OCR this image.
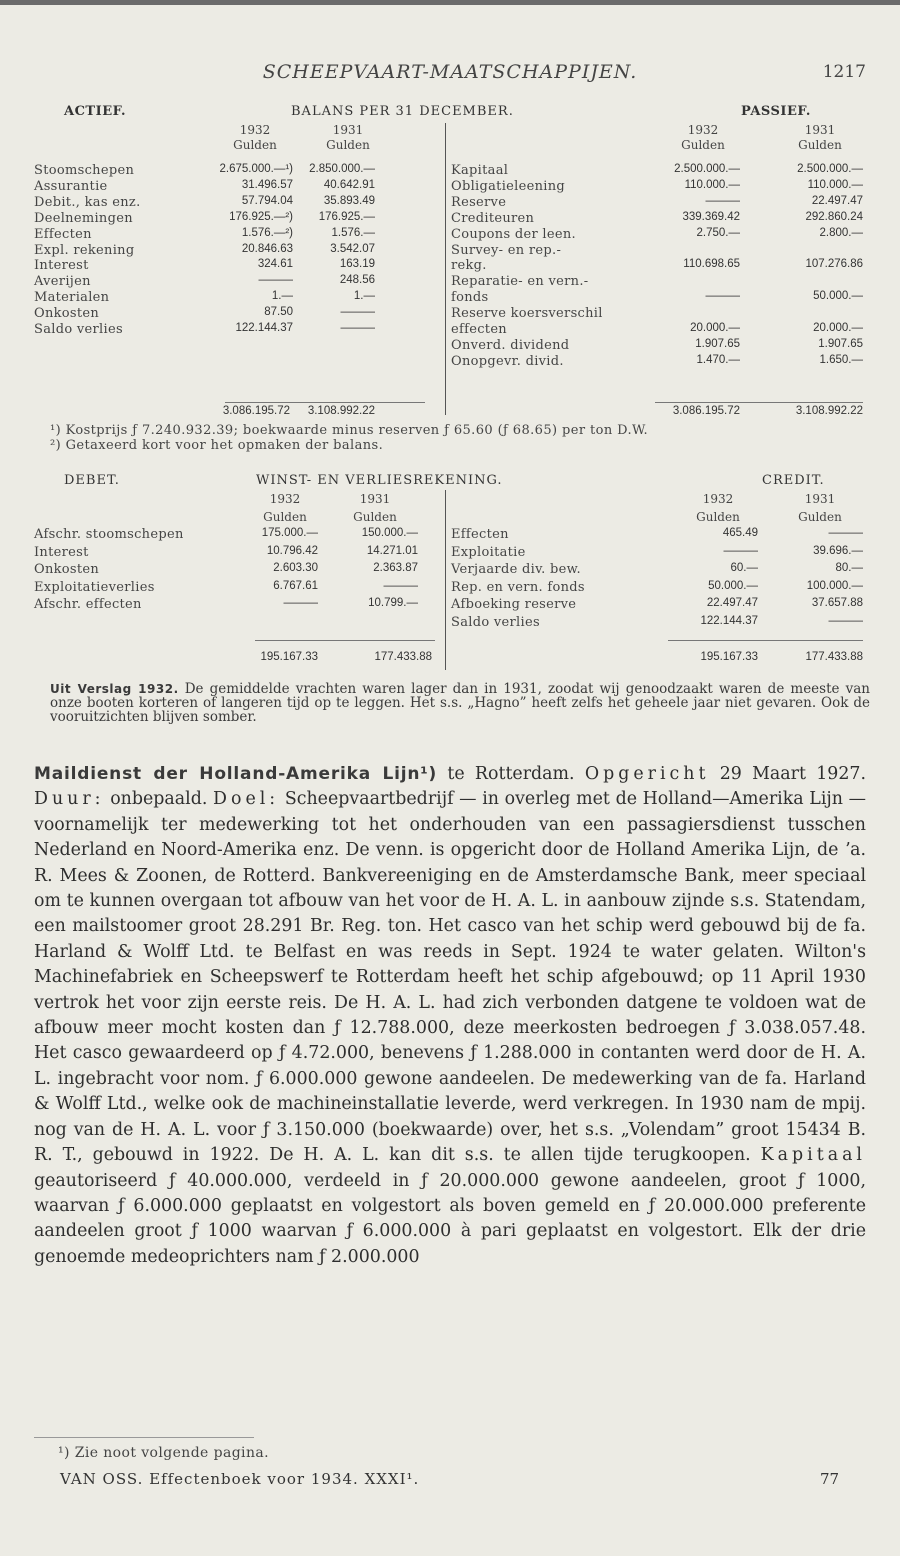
SCHEEPVAART-MAATSCHAPPIJEN.	1217
ACTIEF.	BALANS PER 31 DECEMBER.	PASSIEF.
1932	1931
Gulden	Gulden
1932	1931
Gulden	Gulden
Stoomschepen	2.675.000.—¹)	2.850.000.—
Assurantie	31.496.57	40.642.91
Debit., kas enz.	57.794.04	35.893.49
Deelnemingen	176.925.—²)	176.925.—
Effecten	1.576.—²)	1.576.—
Expl. rekening	20.846.63	3.542.07
Interest	324.61	163.19
Averijen	———	248.56
Materialen	1.—	1.—
Onkosten	87.50	———
Saldo verlies	122.144.37	———
Kapitaal	2.500.000.—	2.500.000.—
Obligatieleening	110.000.—	110.000.—
Reserve	———	22.497.47
Crediteuren	339.369.42	292.860.24
Coupons der leen.	2.750.—	2.800.—
Survey- en rep.-
rekg.	110.698.65	107.276.86
Reparatie- en vern.-
fonds	———	50.000.—
Reserve koersverschil
effecten	20.000.—	20.000.—
Onverd. dividend	1.907.65	1.907.65
Onopgevr. divid.	1.470.—	1.650.—
3.086.195.72	3.108.992.22	3.086.195.72	3.108.992.22
¹) Kostprijs ƒ 7.240.932.39; boekwaarde minus reserven ƒ 65.60 (ƒ 68.65) per ton D.W.
²) Getaxeerd kort voor het opmaken der balans.
DEBET.	WINST- EN VERLIESREKENING.	CREDIT.
1932	1931
Gulden	Gulden
1932	1931
Gulden	Gulden
Afschr. stoomschepen	175.000.—	150.000.—
Interest	10.796.42	14.271.01
Onkosten	2.603.30	2.363.87
Exploitatieverlies	6.767.61	———
Afschr. effecten	———	10.799.—
Effecten	465.49	———
Exploitatie	———	39.696.—
Verjaarde div. bew.	60.—	80.—
Rep. en vern. fonds	50.000.—	100.000.—
Afboeking reserve	22.497.47	37.657.88
Saldo verlies	122.144.37	———
195.167.33	177.433.88	195.167.33	177.433.88
Uit Verslag 1932. De gemiddelde vrachten waren lager dan in 1931, zoodat wij genoodzaakt waren de meeste van onze booten korteren of langeren tijd op te leggen. Het s.s. „Hagno” heeft zelfs het geheele jaar niet gevaren. Ook de vooruitzichten blijven somber.

Maildienst der Holland-Amerika Lijn¹) te Rotterdam. Opgericht 29 Maart 1927. Duur: onbepaald. Doel: Scheepvaartbedrijf — in overleg met de Holland—Amerika Lijn — voornamelijk ter medewerking tot het onderhouden van een passagiersdienst tusschen Nederland en Noord-Amerika enz. De venn. is opgericht door de Holland Amerika Lijn, de ʼa. R. Mees & Zoonen, de Rotterd. Bankvereeniging en de Amsterdamsche Bank, meer speciaal om te kunnen overgaan tot afbouw van het voor de H. A. L. in aanbouw zijnde s.s. Statendam, een mailstoomer groot 28.291 Br. Reg. ton. Het casco van het schip werd gebouwd bij de fa. Harland & Wolff Ltd. te Belfast en was reeds in Sept. 1924 te water gelaten. Wilton's Machinefabriek en Scheepswerf te Rotterdam heeft het schip afgebouwd; op 11 April 1930 vertrok het voor zijn eerste reis. De H. A. L. had zich verbonden datgene te voldoen wat de afbouw meer mocht kosten dan ƒ 12.788.000, deze meerkosten bedroegen ƒ 3.038.057.48. Het casco gewaardeerd op ƒ 4.72.000, benevens ƒ 1.288.000 in contanten werd door de H. A. L. ingebracht voor nom. ƒ 6.000.000 gewone aandeelen. De medewerking van de fa. Harland & Wolff Ltd., welke ook de machineinstallatie leverde, werd verkregen. In 1930 nam de mpij. nog van de H. A. L. voor ƒ 3.150.000 (boekwaarde) over, het s.s. „Volendam” groot 15434 B. R. T., gebouwd in 1922. De H. A. L. kan dit s.s. te allen tijde terugkoopen. Kapitaal geautoriseerd ƒ 40.000.000, verdeeld in ƒ 20.000.000 gewone aandeelen, groot ƒ 1000, waarvan ƒ 6.000.000 geplaatst en volgestort als boven gemeld en ƒ 20.000.000 preferente aandeelen groot ƒ 1000 waarvan ƒ 6.000.000 à pari geplaatst en volgestort. Elk der drie genoemde medeoprichters nam ƒ 2.000.000

¹) Zie noot volgende pagina.
VAN OSS. Effectenboek voor 1934. XXXI¹.	77
